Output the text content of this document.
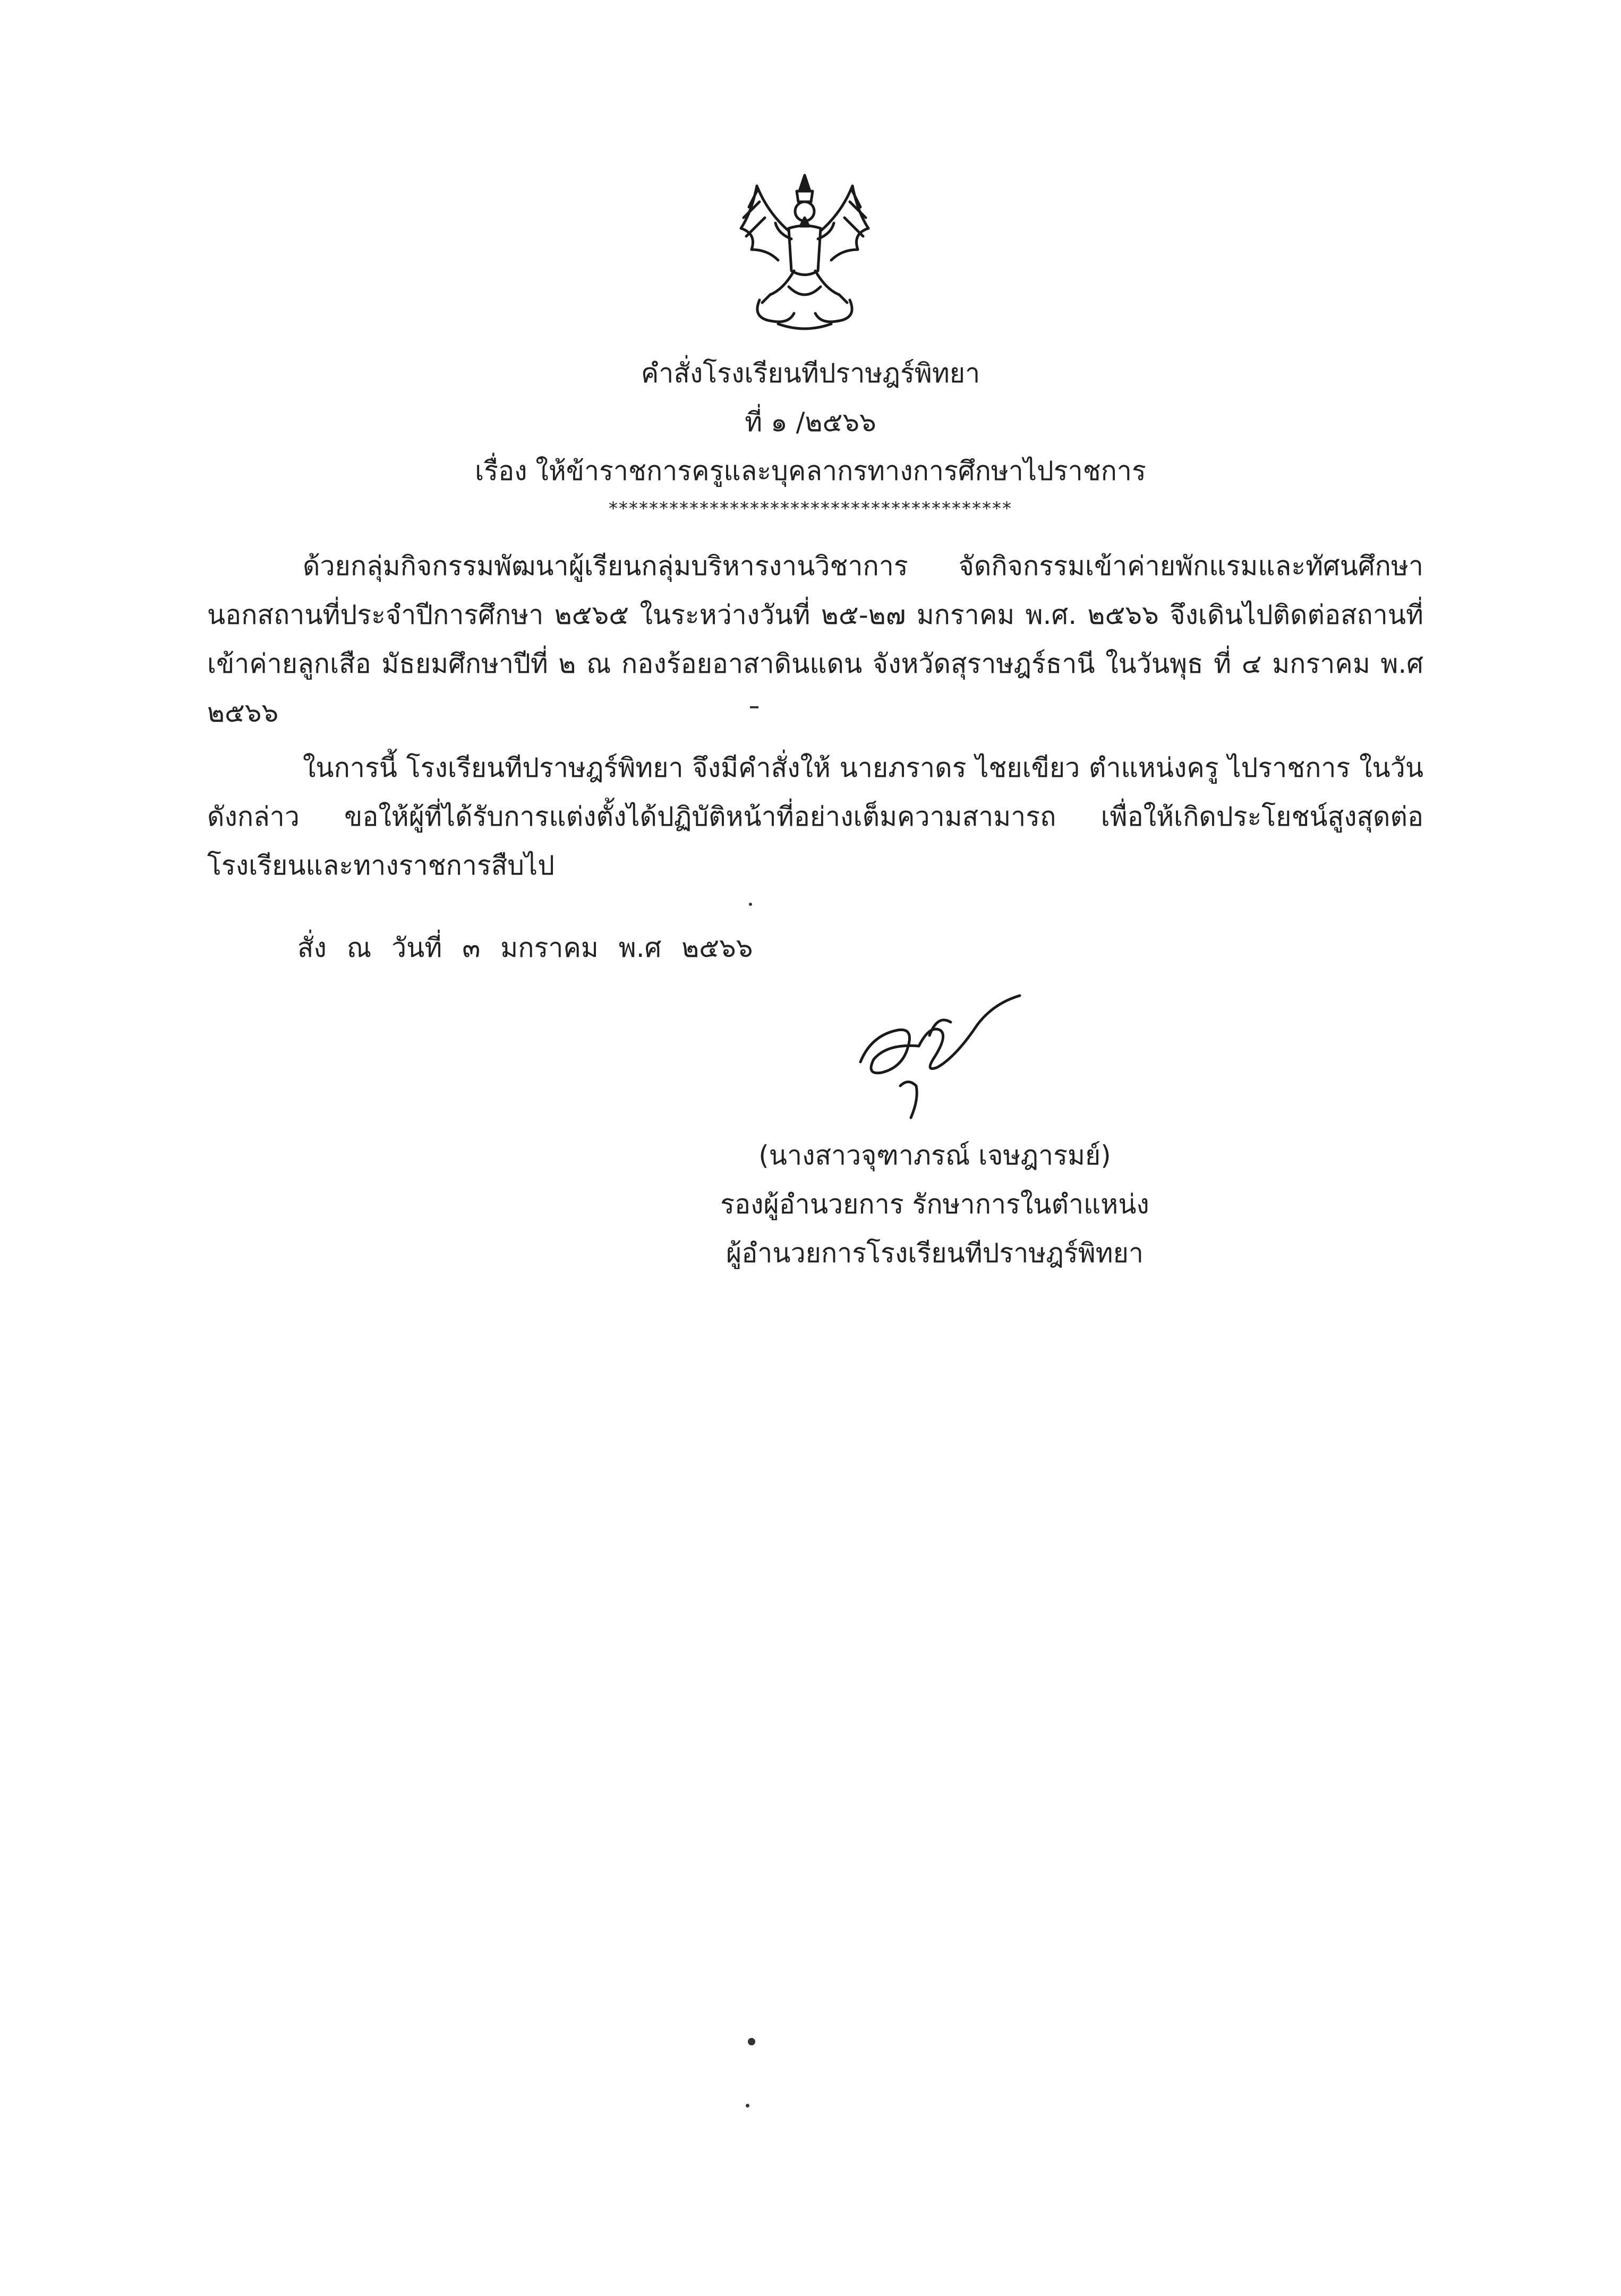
คำสั่งโรงเรียนทีปราษฎร์พิทยา
ที่ ๑ /๒๕๖๖
เรื่อง ให้ข้าราชการครูและบุคลากรทางการศึกษาไปราชการ
****************************************
ด้วยกลุ่มกิจกรรมพัฒนาผู้เรียนกลุ่มบริหารงานวิชาการ จัดกิจกรรมเข้าค่ายพักแรมและทัศนศึกษานอกสถานที่ประจำปีการศึกษา ๒๕๖๕ ในระหว่างวันที่ ๒๕-๒๗ มกราคม พ.ศ. ๒๕๖๖ จึงเดินไปติดต่อสถานที่เข้าค่ายลูกเสือ มัธยมศึกษาปีที่ ๒ ณ กองร้อยอาสาดินแดน จังหวัดสุราษฎร์ธานี ในวันพุธ ที่ ๔ มกราคม พ.ศ ๒๕๖๖
ในการนี้ โรงเรียนทีปราษฎร์พิทยา จึงมีคำสั่งให้ นายภราดร ไชยเขียว ตำแหน่งครู ไปราชการ ในวันดังกล่าว ขอให้ผู้ที่ได้รับการแต่งตั้งได้ปฏิบัติหน้าที่อย่างเต็มความสามารถ เพื่อให้เกิดประโยชน์สูงสุดต่อโรงเรียนและทางราชการสืบไป
สั่ง ณ วันที่ ๓ มกราคม พ.ศ ๒๕๖๖
(นางสาวจุฑาภรณ์ เจษฎารมย์)
รองผู้อำนวยการ รักษาการในตำแหน่ง
ผู้อำนวยการโรงเรียนทีปราษฎร์พิทยา
